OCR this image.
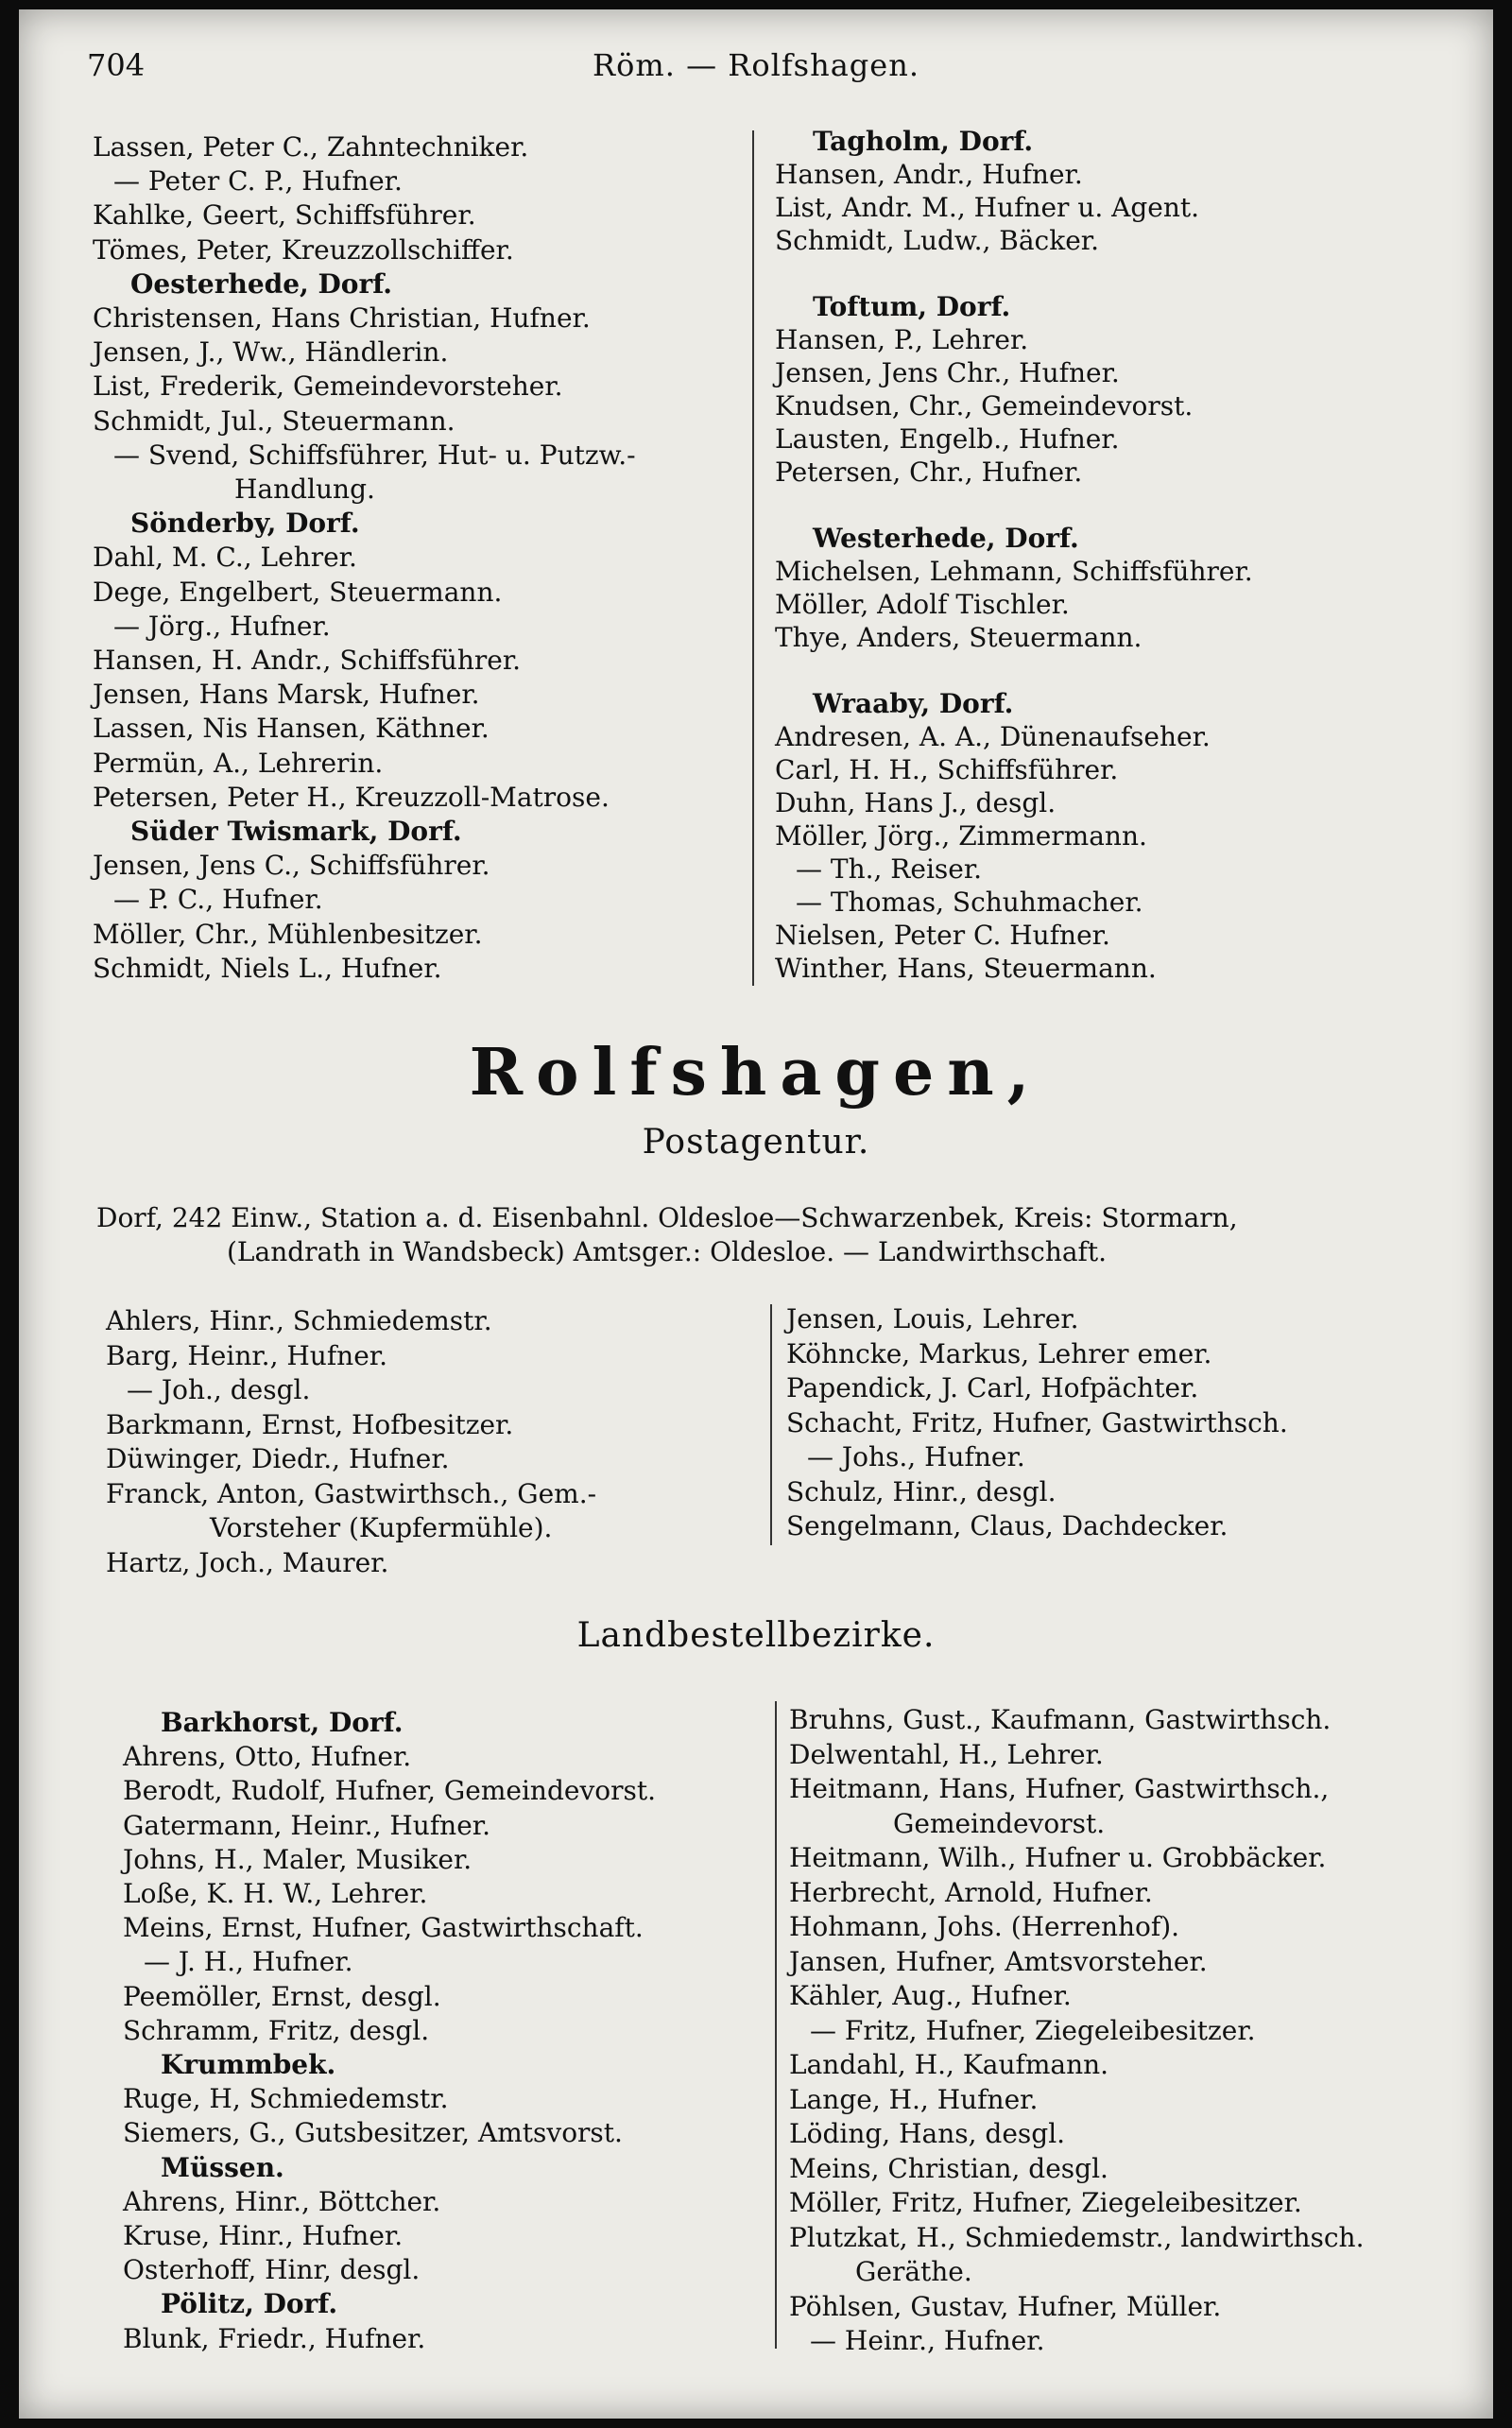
704	Röm. — Rolfshagen.
Lassen, Peter C., Zahntechniker.
— Peter C. P., Hufner.
Kahlke, Geert, Schiffsführer.
Tömes, Peter, Kreuzzollschiffer.
Oesterhede, Dorf.
Christensen, Hans Christian, Hufner.
Jensen, J., Ww., Händlerin.
List, Frederik, Gemeindevorsteher.
Schmidt, Jul., Steuermann.
— Svend, Schiffsführer, Hut- u. Putzw.-
Handlung.
Sönderby, Dorf.
Dahl, M. C., Lehrer.
Dege, Engelbert, Steuermann.
— Jörg., Hufner.
Hansen, H. Andr., Schiffsführer.
Jensen, Hans Marsk, Hufner.
Lassen, Nis Hansen, Käthner.
Permün, A., Lehrerin.
Petersen, Peter H., Kreuzzoll-Matrose.
Süder Twismark, Dorf.
Jensen, Jens C., Schiffsführer.
— P. C., Hufner.
Möller, Chr., Mühlenbesitzer.
Schmidt, Niels L., Hufner.
Tagholm, Dorf.
Hansen, Andr., Hufner.
List, Andr. M., Hufner u. Agent.
Schmidt, Ludw., Bäcker.
Toftum, Dorf.
Hansen, P., Lehrer.
Jensen, Jens Chr., Hufner.
Knudsen, Chr., Gemeindevorst.
Lausten, Engelb., Hufner.
Petersen, Chr., Hufner.
Westerhede, Dorf.
Michelsen, Lehmann, Schiffsführer.
Möller, Adolf Tischler.
Thye, Anders, Steuermann.
Wraaby, Dorf.
Andresen, A. A., Dünenaufseher.
Carl, H. H., Schiffsführer.
Duhn, Hans J., desgl.
Möller, Jörg., Zimmermann.
— Th., Reiser.
— Thomas, Schuhmacher.
Nielsen, Peter C. Hufner.
Winther, Hans, Steuermann.
Rolfshagen,
Postagentur.
Dorf, 242 Einw., Station a. d. Eisenbahnl. Oldesloe—Schwarzenbek, Kreis: Stormarn,
(Landrath in Wandsbeck) Amtsger.: Oldesloe. — Landwirthschaft.
Ahlers, Hinr., Schmiedemstr.
Barg, Heinr., Hufner.
— Joh., desgl.
Barkmann, Ernst, Hofbesitzer.
Düwinger, Diedr., Hufner.
Franck, Anton, Gastwirthsch., Gem.-
Vorsteher (Kupfermühle).
Hartz, Joch., Maurer.
Jensen, Louis, Lehrer.
Köhncke, Markus, Lehrer emer.
Papendick, J. Carl, Hofpächter.
Schacht, Fritz, Hufner, Gastwirthsch.
— Johs., Hufner.
Schulz, Hinr., desgl.
Sengelmann, Claus, Dachdecker.
Landbestellbezirke.
Barkhorst, Dorf.
Ahrens, Otto, Hufner.
Berodt, Rudolf, Hufner, Gemeindevorst.
Gatermann, Heinr., Hufner.
Johns, H., Maler, Musiker.
Loße, K. H. W., Lehrer.
Meins, Ernst, Hufner, Gastwirthschaft.
— J. H., Hufner.
Peemöller, Ernst, desgl.
Schramm, Fritz, desgl.
Krummbek.
Ruge, H, Schmiedemstr.
Siemers, G., Gutsbesitzer, Amtsvorst.
Müssen.
Ahrens, Hinr., Böttcher.
Kruse, Hinr., Hufner.
Osterhoff, Hinr, desgl.
Pölitz, Dorf.
Blunk, Friedr., Hufner.
Bruhns, Gust., Kaufmann, Gastwirthsch.
Delwentahl, H., Lehrer.
Heitmann, Hans, Hufner, Gastwirthsch.,
Gemeindevorst.
Heitmann, Wilh., Hufner u. Grobbäcker.
Herbrecht, Arnold, Hufner.
Hohmann, Johs. (Herrenhof).
Jansen, Hufner, Amtsvorsteher.
Kähler, Aug., Hufner.
— Fritz, Hufner, Ziegeleibesitzer.
Landahl, H., Kaufmann.
Lange, H., Hufner.
Löding, Hans, desgl.
Meins, Christian, desgl.
Möller, Fritz, Hufner, Ziegeleibesitzer.
Plutzkat, H., Schmiedemstr., landwirthsch.
Geräthe.
Pöhlsen, Gustav, Hufner, Müller.
— Heinr., Hufner.
